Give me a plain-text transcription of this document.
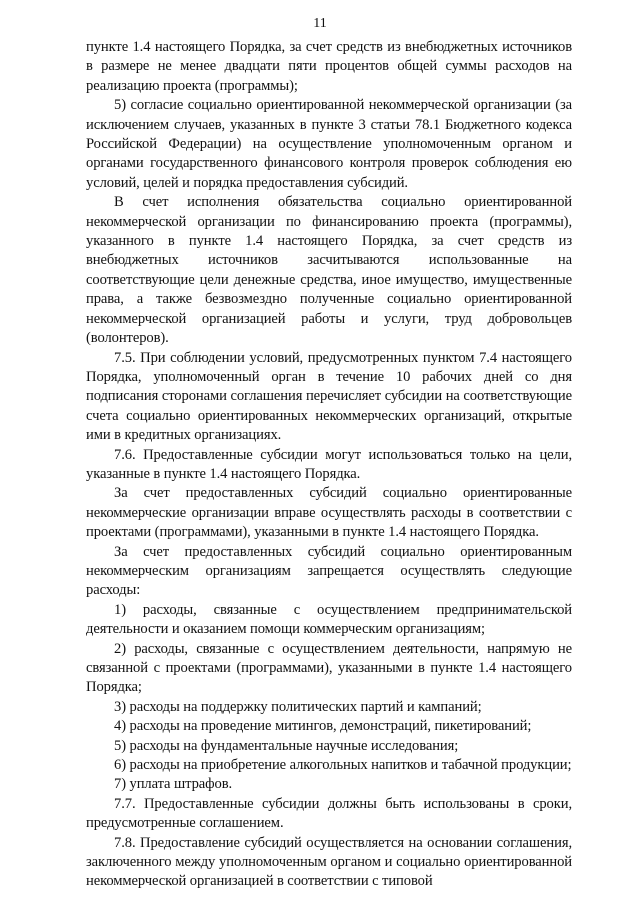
11

пункте 1.4 настоящего Порядка, за счет средств из внебюджетных источников в размере не менее двадцати пяти процентов общей суммы расходов на реализацию проекта (программы);

5) согласие социально ориентированной некоммерческой организации (за исключением случаев, указанных в пункте 3 статьи 78.1 Бюджетного кодекса Российской Федерации) на осуществление уполномоченным органом и органами государственного финансового контроля проверок соблюдения ею условий, целей и порядка предоставления субсидий.

В счет исполнения обязательства социально ориентированной некоммерческой организации по финансированию проекта (программы), указанного в пункте 1.4 настоящего Порядка, за счет средств из внебюджетных источников засчитываются использованные на соответствующие цели денежные средства, иное имущество, имущественные права, а также безвозмездно полученные социально ориентированной некоммерческой организацией работы и услуги, труд добровольцев (волонтеров).

7.5. При соблюдении условий, предусмотренных пунктом 7.4 настоящего Порядка, уполномоченный орган в течение 10 рабочих дней со дня подписания сторонами соглашения перечисляет субсидии на соответствующие счета социально ориентированных некоммерческих организаций, открытые ими в кредитных организациях.

7.6. Предоставленные субсидии могут использоваться только на цели, указанные в пункте 1.4 настоящего Порядка.

За счет предоставленных субсидий социально ориентированные некоммерческие организации вправе осуществлять расходы в соответствии с проектами (программами), указанными в пункте 1.4 настоящего Порядка.

За счет предоставленных субсидий социально ориентированным некоммерческим организациям запрещается осуществлять следующие расходы:

1) расходы, связанные с осуществлением предпринимательской деятельности и оказанием помощи коммерческим организациям;

2) расходы, связанные с осуществлением деятельности, напрямую не связанной с проектами (программами), указанными в пункте 1.4 настоящего Порядка;

3) расходы на поддержку политических партий и кампаний;

4) расходы на проведение митингов, демонстраций, пикетирований;

5) расходы на фундаментальные научные исследования;

6) расходы на приобретение алкогольных напитков и табачной продукции;

7) уплата штрафов.

7.7. Предоставленные субсидии должны быть использованы в сроки, предусмотренные соглашением.

7.8. Предоставление субсидий осуществляется на основании соглашения, заключенного между уполномоченным органом и социально ориентированной некоммерческой организацией в соответствии с типовой
